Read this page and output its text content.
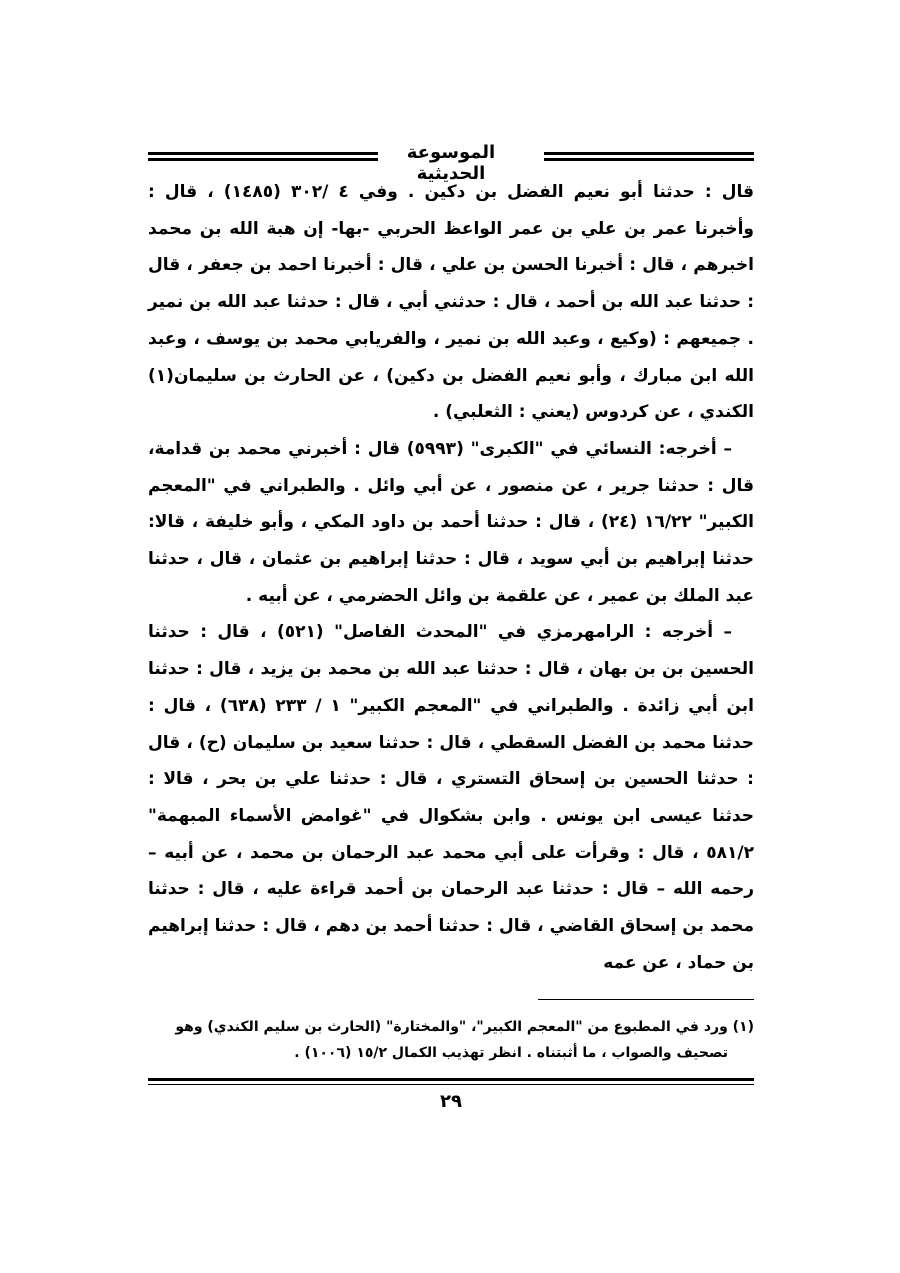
الموسوعة الحديثية

قال : حدثنا أبو نعيم الفضل بن دكين . وفي ٤ /٣٠٢ (١٤٨٥) ، قال : وأخبرنا عمر بن علي بن عمر الواعظ الحربي -بها- إن هبة الله بن محمد اخبرهم ، قال : أخبرنا الحسن بن علي ، قال : أخبرنا احمد بن جعفر ، قال : حدثنا عبد الله بن أحمد ، قال : حدثني أبي ، قال : حدثنا عبد الله بن نمير . جميعهم : (وكيع ، وعبد الله بن نمير ، والفريابي محمد بن يوسف ، وعبد الله ابن مبارك ، وأبو نعيم الفضل بن دكين) ، عن الحارث بن سليمان(١) الكندي ، عن كردوس (يعني : الثعلبي) .

– أخرجه: النسائي في "الكبرى" (٥٩٩٣) قال : أخبرني محمد بن قدامة، قال : حدثنا جرير ، عن منصور ، عن أبي وائل . والطبراني في "المعجم الكبير" ١٦/٢٢ (٢٤) ، قال : حدثنا أحمد بن داود المكي ، وأبو خليفة ، قالا: حدثنا إبراهيم بن أبي سويد ، قال : حدثنا إبراهيم بن عثمان ، قال ، حدثنا عبد الملك بن عمير ، عن علقمة بن وائل الحضرمي ، عن أبيه .

– أخرجه : الرامهرمزي في "المحدث الفاصل" (٥٢١) ، قال : حدثنا الحسين بن بن بهان ، قال : حدثنا عبد الله بن محمد بن يزيد ، قال : حدثنا ابن أبي زائدة . والطبراني في "المعجم الكبير" ١ / ٢٣٣ (٦٣٨) ، قال : حدثنا محمد بن الفضل السقطي ، قال : حدثنا سعيد بن سليمان (ح) ، قال : حدثنا الحسين بن إسحاق التستري ، قال : حدثنا علي بن بحر ، قالا : حدثنا عيسى ابن يونس . وابن بشكوال في "غوامض الأسماء المبهمة" ٥٨١/٢ ، قال : وقرأت على أبي محمد عبد الرحمان بن محمد ، عن أبيه – رحمه الله – قال : حدثنا عبد الرحمان بن أحمد قراءة عليه ، قال : حدثنا محمد بن إسحاق القاضي ، قال : حدثنا أحمد بن دهم ، قال : حدثنا إبراهيم بن حماد ، عن عمه

(١) ورد في المطبوع من "المعجم الكبير"، "والمختارة" (الحارث بن سليم الكندي) وهو
تصحيف والصواب ، ما أثبتناه . انظر تهذيب الكمال ١٥/٢ (١٠٠٦) .
٢٩
